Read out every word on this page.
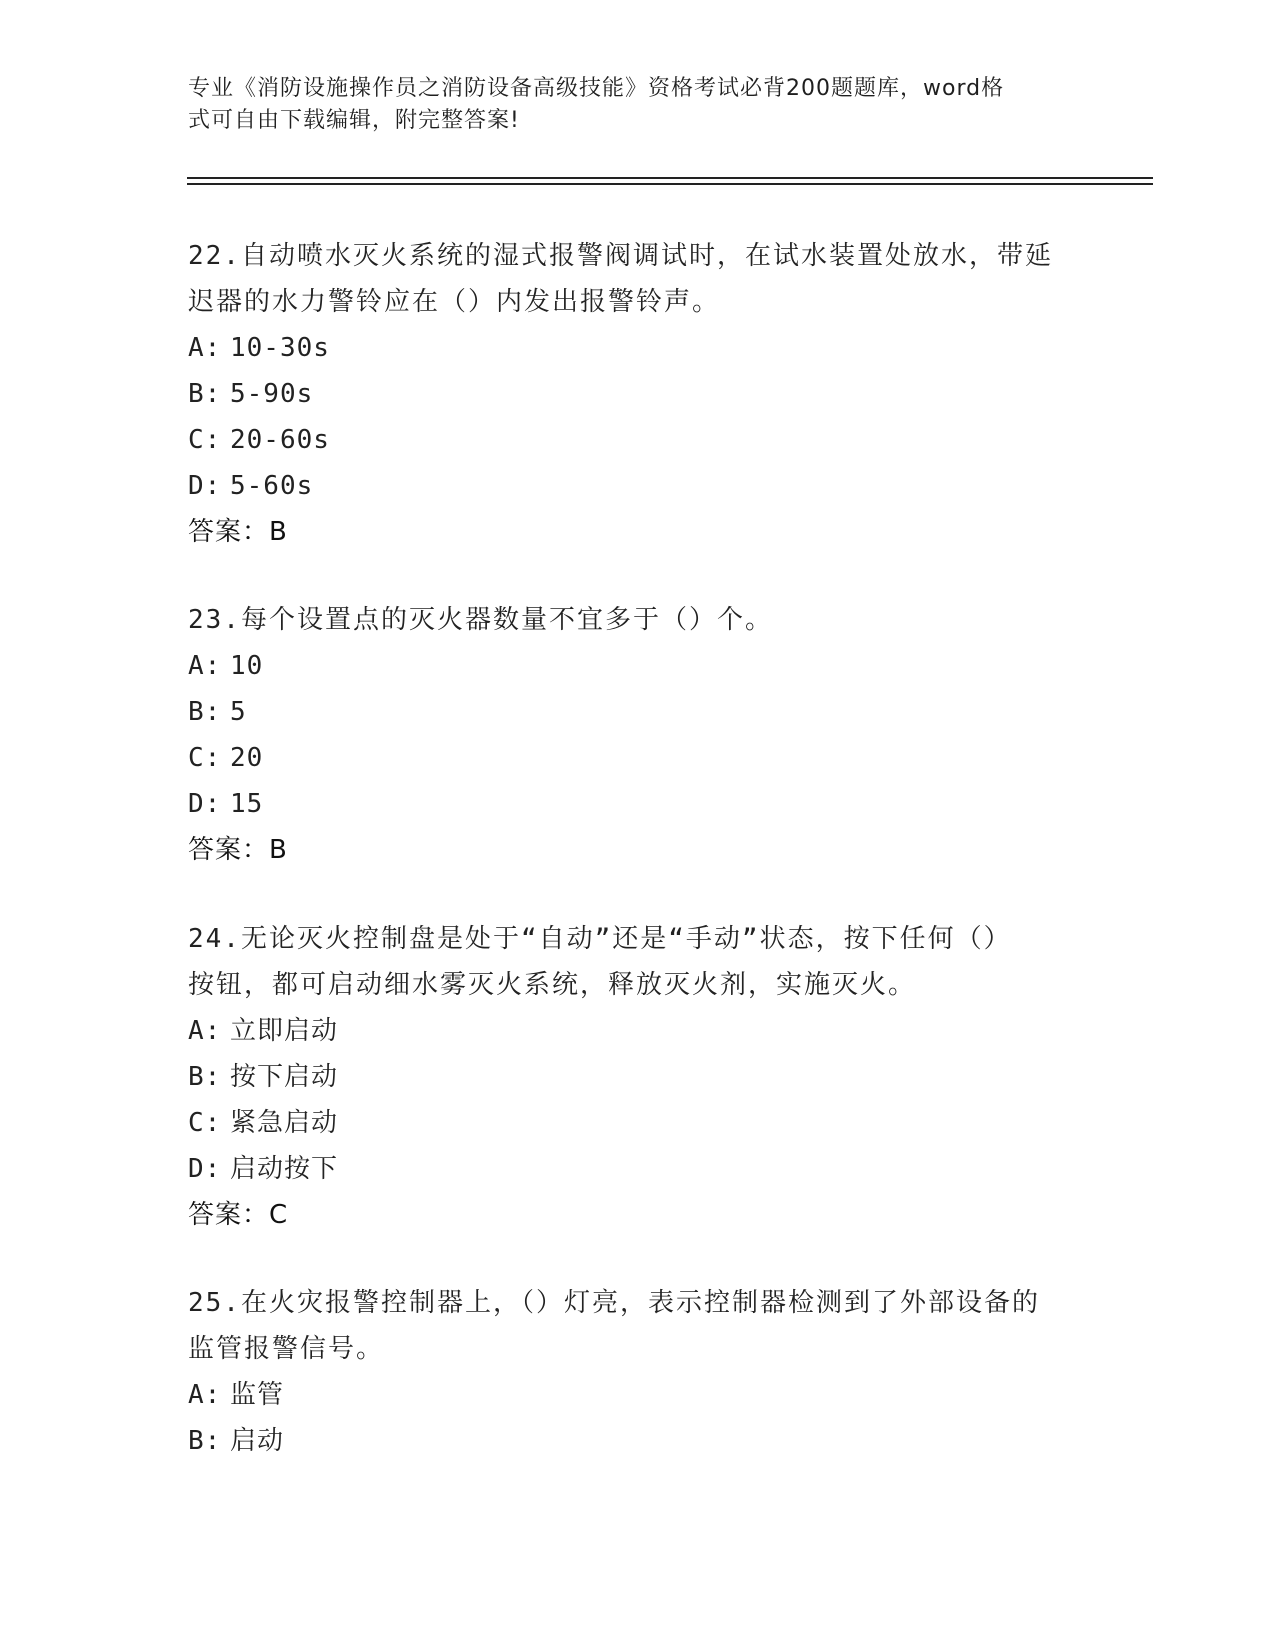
专业《消防设施操作员之消防设备高级技能》资格考试必背200题题库，word格
式可自由下载编辑，附完整答案!

22.自动喷水灭火系统的湿式报警阀调试时，在试水装置处放水，带延
迟器的水力警铃应在（）内发出报警铃声。

A: 10-30s

B: 5-90s

C: 20-60s

D: 5-60s

答案：B

23.每个设置点的灭火器数量不宜多于（）个。

A: 10

B: 5

C: 20

D: 15

答案：B

24.无论灭火控制盘是处于“自动”还是“手动”状态，按下任何（）
按钮，都可启动细水雾灭火系统，释放灭火剂，实施灭火。

A: 立即启动

B: 按下启动

C: 紧急启动

D: 启动按下

答案：C

25.在火灾报警控制器上，（）灯亮，表示控制器检测到了外部设备的
监管报警信号。

A: 监管

B: 启动
